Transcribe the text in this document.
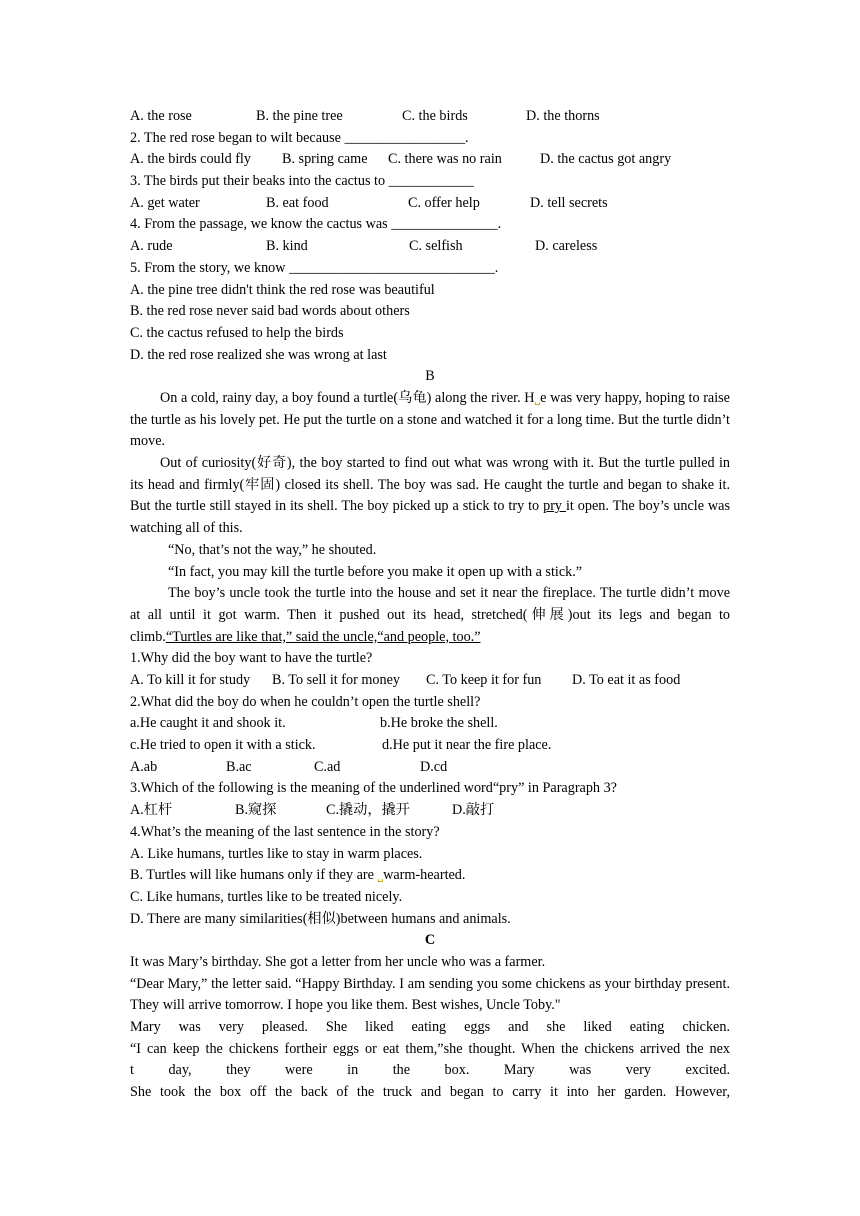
A. the rose	B. the pine tree	C. the birds	D. the thorns
2. The red rose began to wilt because _________________.
A. the birds could fly	B. spring came	C. there was no rain	D. the cactus got angry
3. The birds put their beaks into the cactus to ____________
A. get water	B. eat food	C. offer help	D. tell secrets
4. From the passage, we know the cactus was _______________.
A. rude	B. kind	C. selfish	D. careless
5. From the story, we know _____________________________.
A. the pine tree didn't think the red rose was beautiful
B. the red rose never said bad words about others
C. the cactus refused to help the birds
D. the red rose realized she was wrong at last
B
On a cold, rainy day, a boy found a turtle(乌龟) along the river. H˽e was very happy, hoping to raise the turtle as his lovely pet. He put the turtle on a stone and watched it for a long time. But the turtle didn’t move.
Out of curiosity(好奇), the boy started to find out what was wrong with it. But the turtle pulled in its head and firmly(牢固) closed its shell. The boy was sad. He caught the turtle and began to shake it. But the turtle still stayed in its shell. The boy picked up a stick to try to pry it open. The boy’s uncle was watching all of this.
“No, that’s not the way,” he shouted.
“In fact, you may kill the turtle before you make it open up with a stick.”
The boy’s uncle took the turtle into the house and set it near the fireplace. The turtle didn’t move at all until it got warm. Then it pushed out its head, stretched(伸展)out its legs and began to climb.“Turtles are like that,” said the uncle,“and people, too.”
1.Why did the boy want to have the turtle?
A. To kill it for study	B. To sell it for money	C. To keep it for fun	D. To eat it as food
2.What did the boy do when he couldn’t open the turtle shell?
a.He caught it and shook it.	b.He broke the shell.
c.He tried to open it with a stick.	d.He put it near the fire place.
A.ab	B.ac	C.ad	D.cd
3.Which of the following is the meaning of the underlined word“pry” in Paragraph 3?
A.杠杆	B.窥探	C.撬动，撬开	D.敲打
4.What’s the meaning of the last sentence in the story?
A. Like humans, turtles like to stay in warm places.
B. Turtles will like humans only if they are ˽warm-hearted.
C. Like humans, turtles like to be treated nicely.
D. There are many similarities(相似)between humans and animals.
C
It was Mary’s birthday. She got a letter from her uncle who was a farmer.
“Dear Mary,” the letter said. “Happy Birthday. I am sending you some chickens as your birthday present. They will arrive tomorrow. I hope you like them. Best wishes, Uncle Toby."
Mary was very pleased. She liked eating eggs and she liked eating chicken.
“I can keep the chickens fortheir eggs or eat them,”she thought. When the chickens arrived the nex
t day, they were in the box. Mary was very excited.
She took the box off the back of the truck and began to carry it into her garden. However,
